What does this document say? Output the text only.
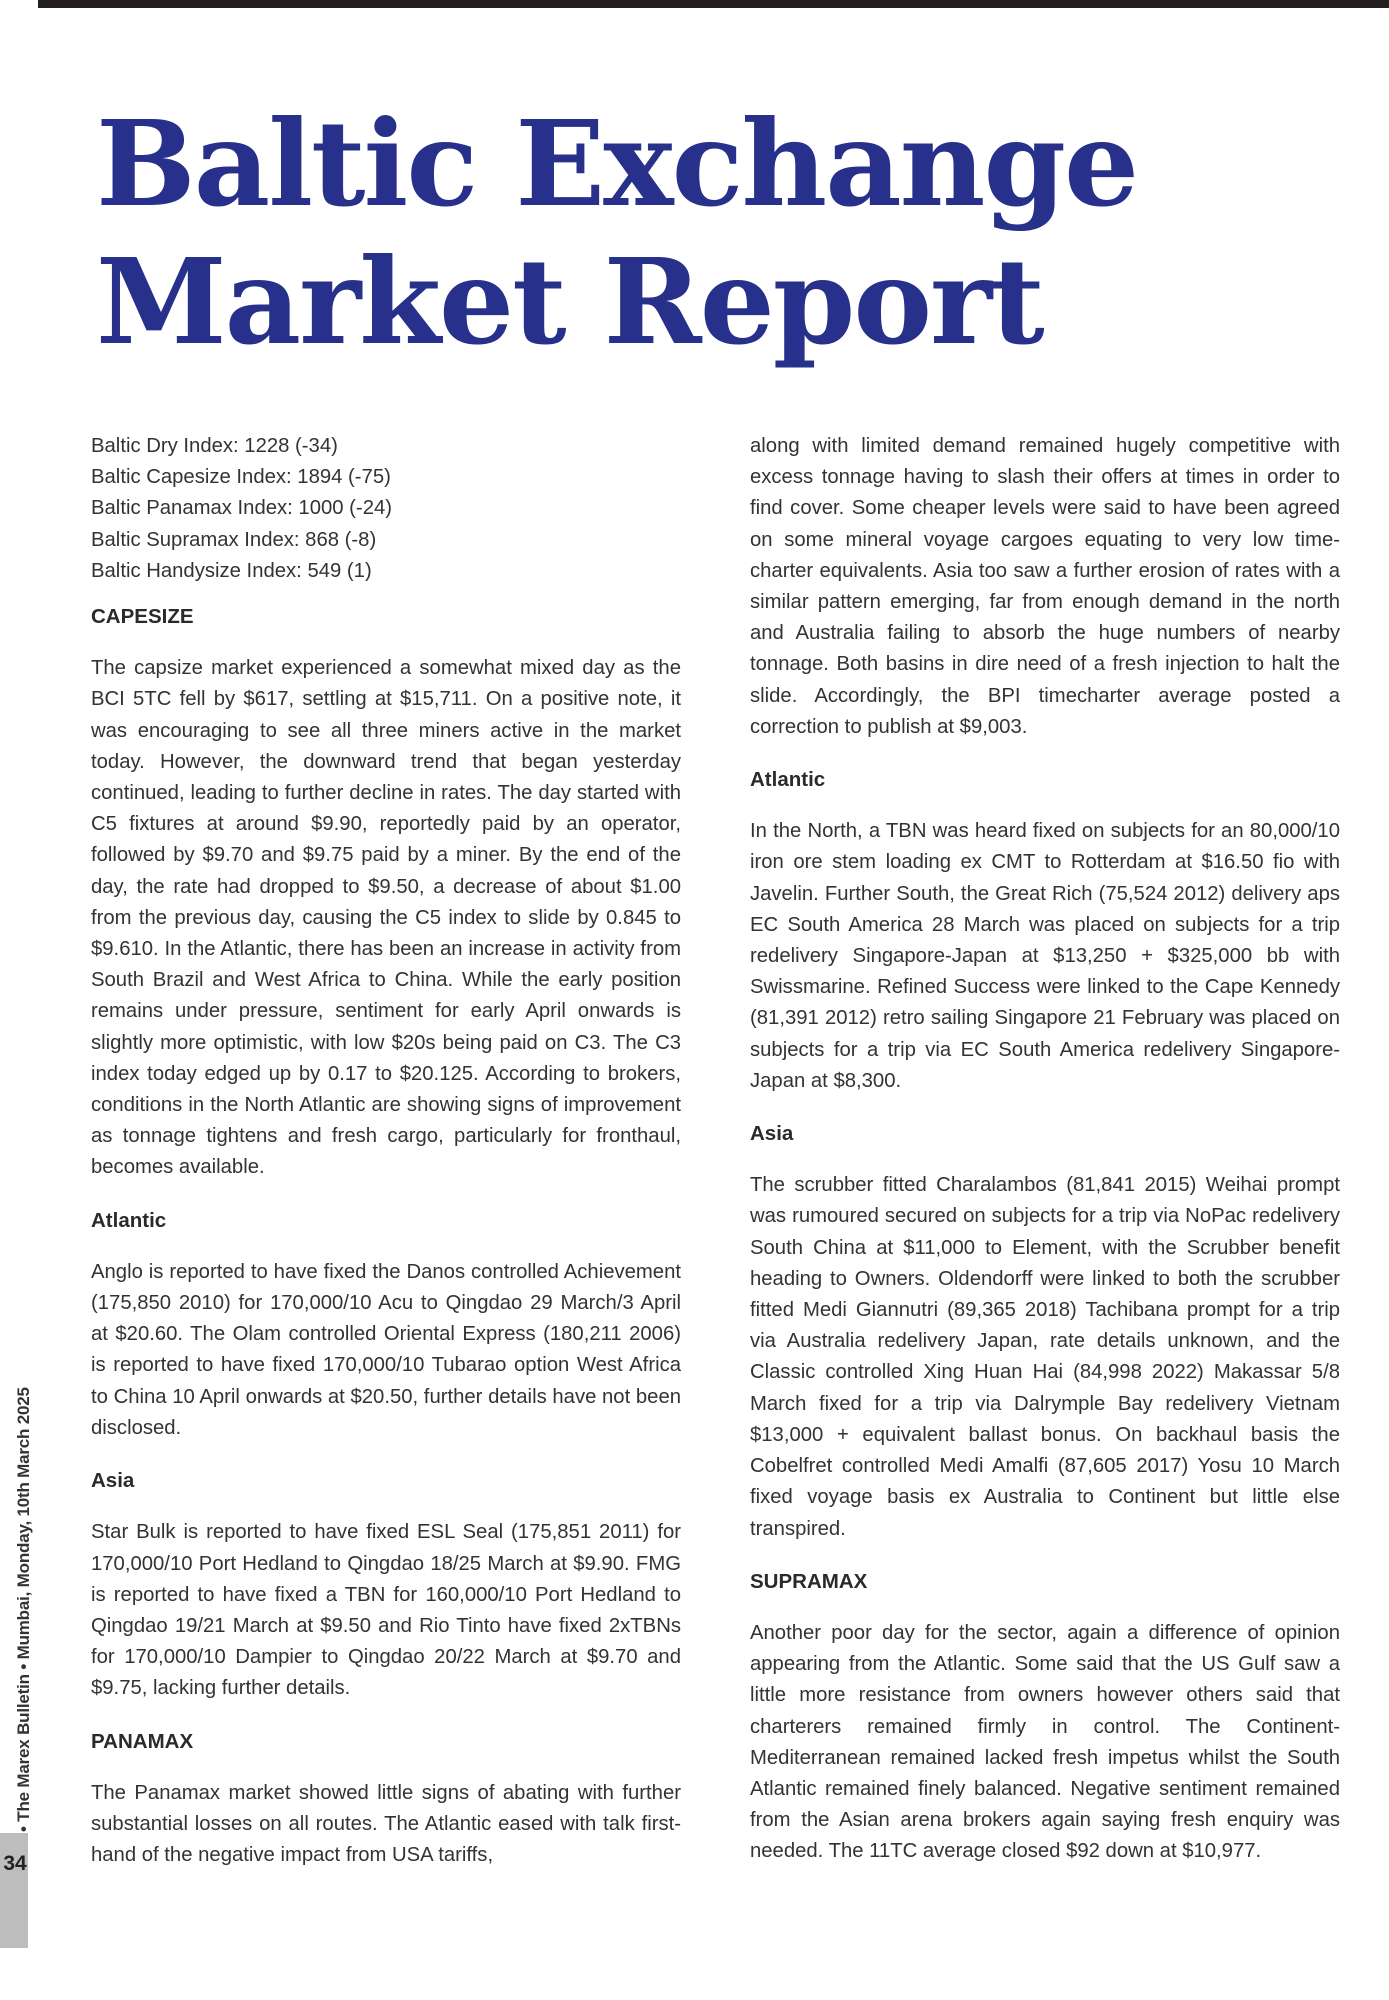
Baltic Exchange
Market Report
Baltic Dry Index: 1228 (-34)
Baltic Capesize Index: 1894 (-75)
Baltic Panamax Index: 1000 (-24)
Baltic Supramax Index: 868 (-8)
Baltic Handysize Index: 549 (1)
CAPESIZE

The capsize market experienced a somewhat mixed day as the BCI 5TC fell by $617, settling at $15,711. On a positive note, it was encouraging to see all three miners active in the market today. However, the downward trend that began yesterday continued, leading to further decline in rates. The day started with C5 fixtures at around $9.90, reportedly paid by an operator, followed by $9.70 and $9.75 paid by a miner. By the end of the day, the rate had dropped to $9.50, a decrease of about $1.00 from the previous day, causing the C5 index to slide by 0.845 to $9.610. In the Atlantic, there has been an increase in activity from South Brazil and West Africa to China. While the early position remains under pressure, sentiment for early April onwards is slightly more optimistic, with low $20s being paid on C3. The C3 index today edged up by 0.17 to $20.125. According to brokers, conditions in the North Atlantic are showing signs of improvement as tonnage tightens and fresh cargo, particularly for fronthaul, becomes available.

Atlantic

Anglo is reported to have fixed the Danos controlled Achievement (175,850 2010) for 170,000/10 Acu to Qingdao 29 March/3 April at $20.60. The Olam controlled Oriental Express (180,211 2006) is reported to have fixed 170,000/10 Tubarao option West Africa to China 10 April onwards at $20.50, further details have not been disclosed.

Asia

Star Bulk is reported to have fixed ESL Seal (175,851 2011) for 170,000/10 Port Hedland to Qingdao 18/25 March at $9.90. FMG is reported to have fixed a TBN for 160,000/10 Port Hedland to Qingdao 19/21 March at $9.50 and Rio Tinto have fixed 2xTBNs for 170,000/10 Dampier to Qingdao 20/22 March at $9.70 and $9.75, lacking further details.

PANAMAX

The Panamax market showed little signs of abating with further substantial losses on all routes. The Atlantic eased with talk first-hand of the negative impact from USA tariffs,

along with limited demand remained hugely competitive with excess tonnage having to slash their offers at times in order to find cover. Some cheaper levels were said to have been agreed on some mineral voyage cargoes equating to very low time-charter equivalents. Asia too saw a further erosion of rates with a similar pattern emerging, far from enough demand in the north and Australia failing to absorb the huge numbers of nearby tonnage. Both basins in dire need of a fresh injection to halt the slide. Accordingly, the BPI timecharter average posted a correction to publish at $9,003.

Atlantic

In the North, a TBN was heard fixed on subjects for an 80,000/10 iron ore stem loading ex CMT to Rotterdam at $16.50 fio with Javelin. Further South, the Great Rich (75,524 2012) delivery aps EC South America 28 March was placed on subjects for a trip redelivery Singapore-Japan at $13,250 + $325,000 bb with Swissmarine. Refined Success were linked to the Cape Kennedy (81,391 2012) retro sailing Singapore 21 February was placed on subjects for a trip via EC South America redelivery Singapore-Japan at $8,300.

Asia

The scrubber fitted Charalambos (81,841 2015) Weihai prompt was rumoured secured on subjects for a trip via NoPac redelivery South China at $11,000 to Element, with the Scrubber benefit heading to Owners. Oldendorff were linked to both the scrubber fitted Medi Giannutri (89,365 2018) Tachibana prompt for a trip via Australia redelivery Japan, rate details unknown, and the Classic controlled Xing Huan Hai (84,998 2022) Makassar 5/8 March fixed for a trip via Dalrymple Bay redelivery Vietnam $13,000 + equivalent ballast bonus. On backhaul basis the Cobelfret controlled Medi Amalfi (87,605 2017) Yosu 10 March fixed voyage basis ex Australia to Continent but little else transpired.

SUPRAMAX

Another poor day for the sector, again a difference of opinion appearing from the Atlantic. Some said that the US Gulf saw a little more resistance from owners however others said that charterers remained firmly in control. The Continent-Mediterranean remained lacked fresh impetus whilst the South Atlantic remained finely balanced. Negative sentiment remained from the Asian arena brokers again saying fresh enquiry was needed. The 11TC average closed $92 down at $10,977.

34
• The Marex Bulletin • Mumbai, Monday, 10th March 2025
